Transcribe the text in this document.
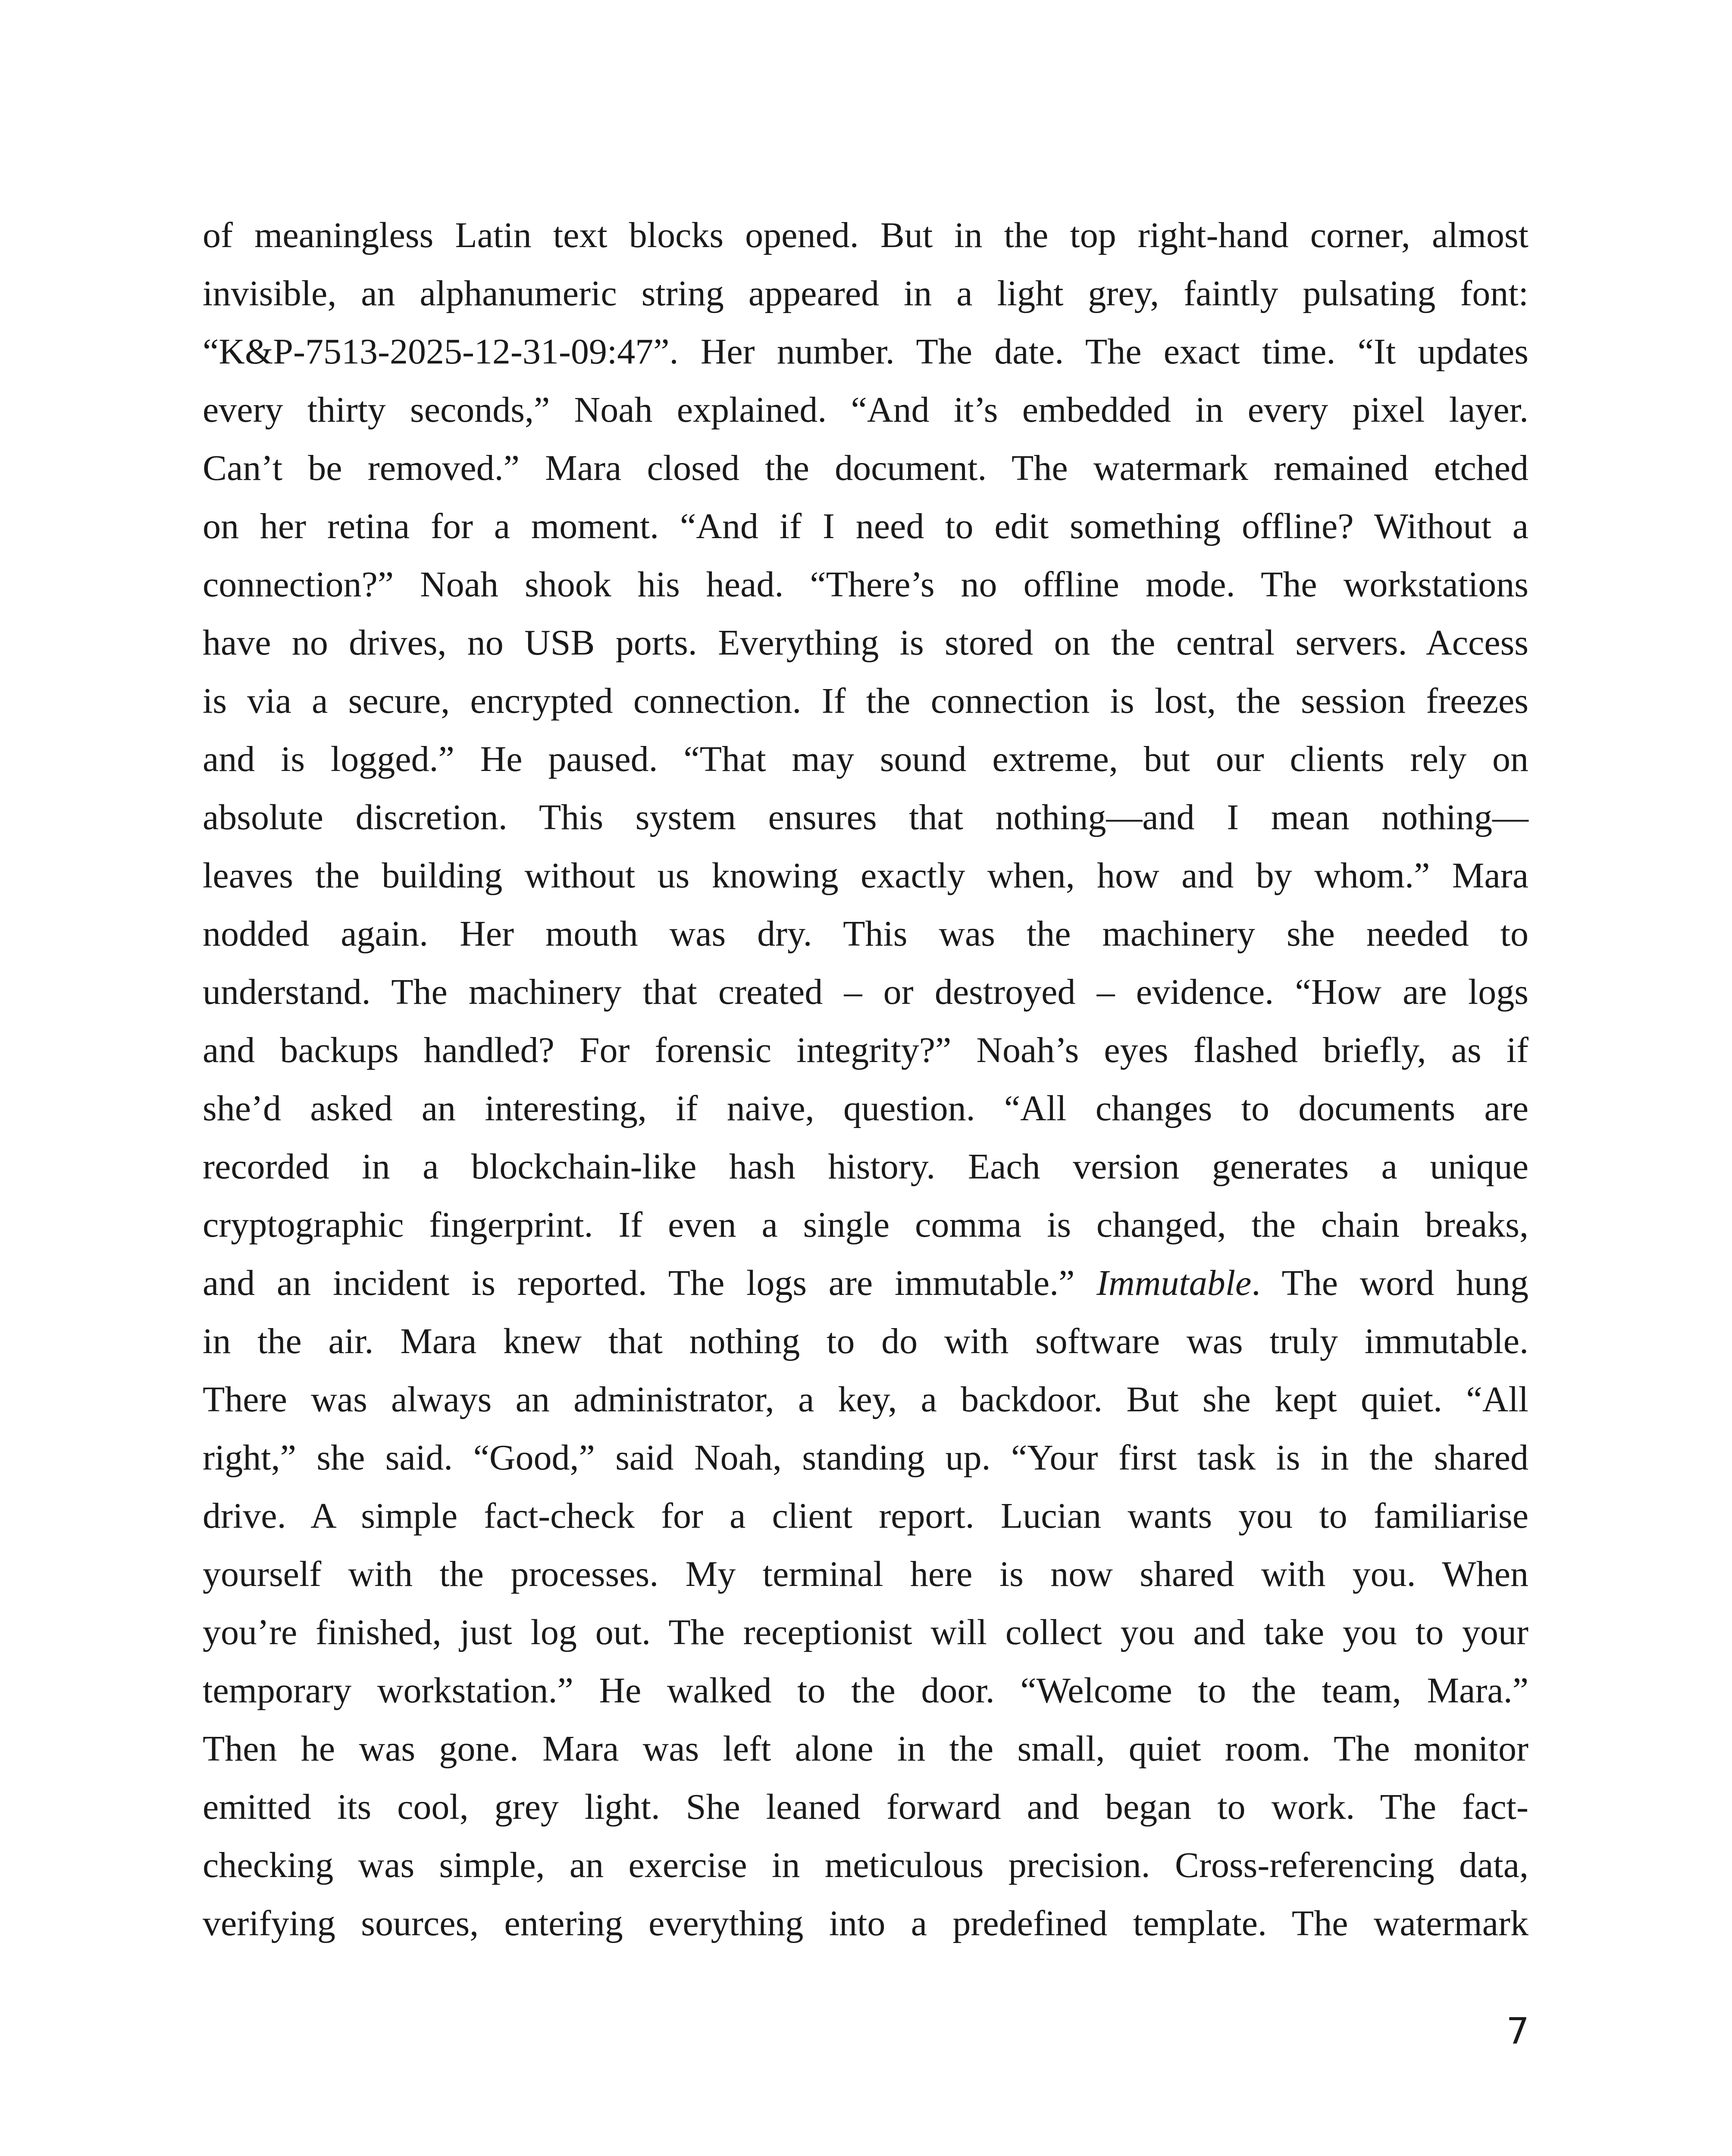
of meaningless Latin text blocks opened. But in the top right-hand corner, almost
invisible, an alphanumeric string appeared in a light grey, faintly pulsating font:
“K&P-7513-2025-12-31-09:47”. Her number. The date. The exact time. “It updates
every thirty seconds,” Noah explained. “And it’s embedded in every pixel layer.
Can’t be removed.” Mara closed the document. The watermark remained etched
on her retina for a moment. “And if I need to edit something offline? Without a
connection?” Noah shook his head. “There’s no offline mode. The workstations
have no drives, no USB ports. Everything is stored on the central servers. Access
is via a secure, encrypted connection. If the connection is lost, the session freezes
and is logged.” He paused. “That may sound extreme, but our clients rely on
absolute discretion. This system ensures that nothing—and I mean nothing—
leaves the building without us knowing exactly when, how and by whom.” Mara
nodded again. Her mouth was dry. This was the machinery she needed to
understand. The machinery that created – or destroyed – evidence. “How are logs
and backups handled? For forensic integrity?” Noah’s eyes flashed briefly, as if
she’d asked an interesting, if naive, question. “All changes to documents are
recorded in a blockchain-like hash history. Each version generates a unique
cryptographic fingerprint. If even a single comma is changed, the chain breaks,
and an incident is reported. The logs are immutable.” Immutable. The word hung
in the air. Mara knew that nothing to do with software was truly immutable.
There was always an administrator, a key, a backdoor. But she kept quiet. “All
right,” she said. “Good,” said Noah, standing up. “Your first task is in the shared
drive. A simple fact-check for a client report. Lucian wants you to familiarise
yourself with the processes. My terminal here is now shared with you. When
you’re finished, just log out. The receptionist will collect you and take you to your
temporary workstation.” He walked to the door. “Welcome to the team, Mara.”
Then he was gone. Mara was left alone in the small, quiet room. The monitor
emitted its cool, grey light. She leaned forward and began to work. The fact-
checking was simple, an exercise in meticulous precision. Cross-referencing data,
verifying sources, entering everything into a predefined template. The watermark
7
